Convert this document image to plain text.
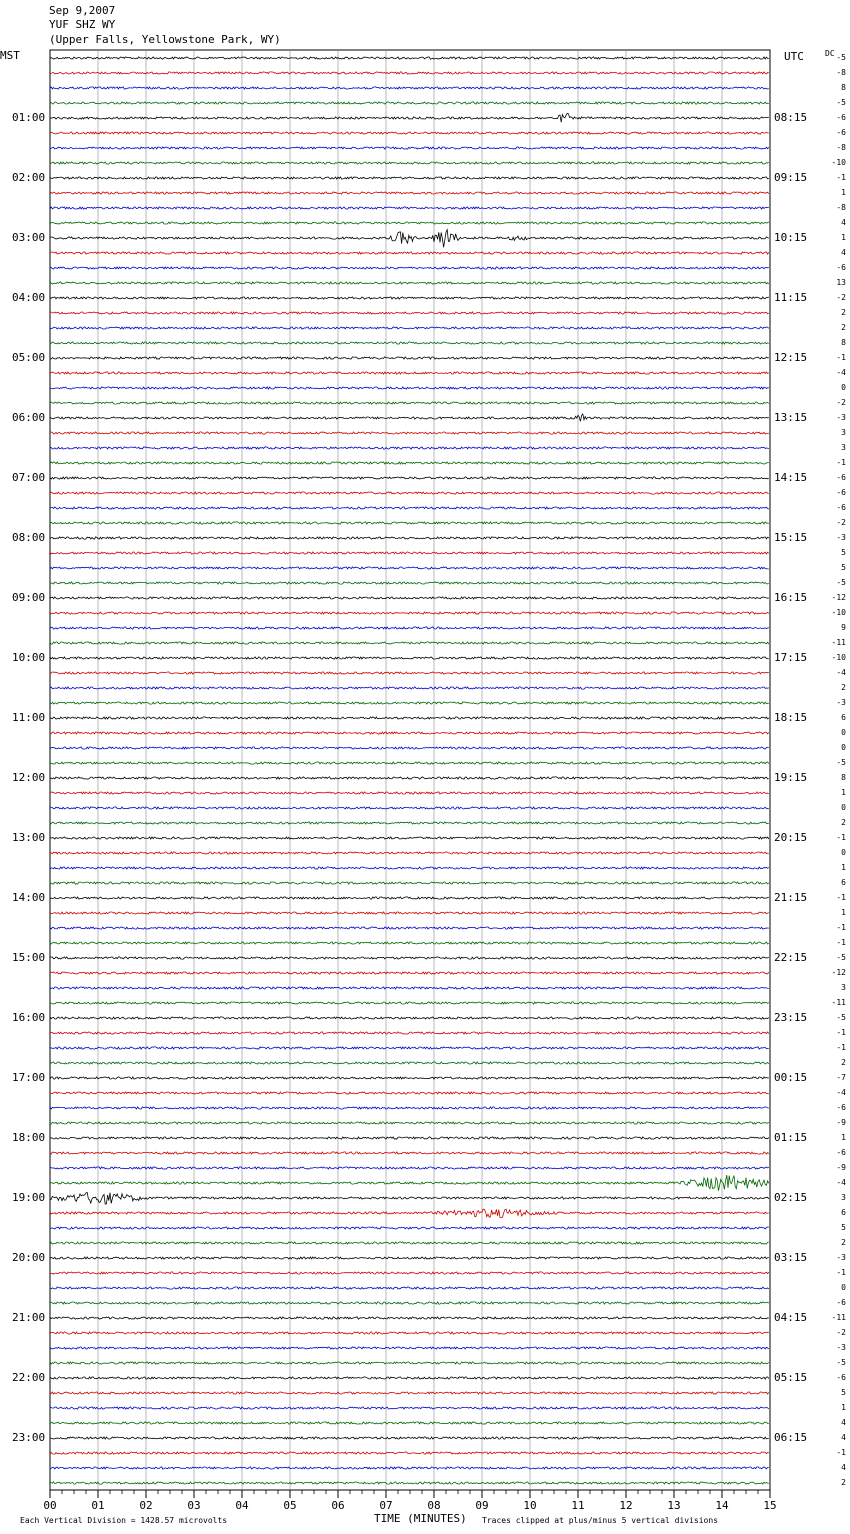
Sep 9,2007
YUF SHZ WY
(Upper Falls, Yellowstone Park, WY)
MST	UTC	DC
00	01	02	03	04	05	06	07	08	09	10	11	12	13	14	15
01:00
02:00
03:00
04:00
05:00
06:00
07:00
08:00
09:00
10:00
11:00
12:00
13:00
14:00
15:00
16:00
17:00
18:00
19:00
20:00
21:00
22:00
23:00
08:15
09:15
10:15
11:15
12:15
13:15
14:15
15:15
16:15
17:15
18:15
19:15
20:15
21:15
22:15
23:15
00:15
01:15
02:15
03:15
04:15
05:15
06:15
-5
-8
8
-5
-6
-6
-8
-10
-1
1
-8
4
1
4
-6
13
-2
2
2
8
-1
-4
0
-2
-3
3
3
-1
-6
-6
-6
-2
-3
5
5
-5
-12
-10
9
-11
-10
-4
2
-3
6
0
0
-5
8
1
0
2
-1
0
1
6
-1
1
-1
-1
-5
-12
3
-11
-5
-1
-1
2
-7
-4
-6
-9
1
-6
-9
-4
3
6
5
2
-3
-1
0
-6
-11
-2
-3
-5
-6
5
1
4
4
-1
4
2
TIME (MINUTES)
Each Vertical Division = 1428.57 microvolts	Traces clipped at plus/minus 5 vertical divisions
